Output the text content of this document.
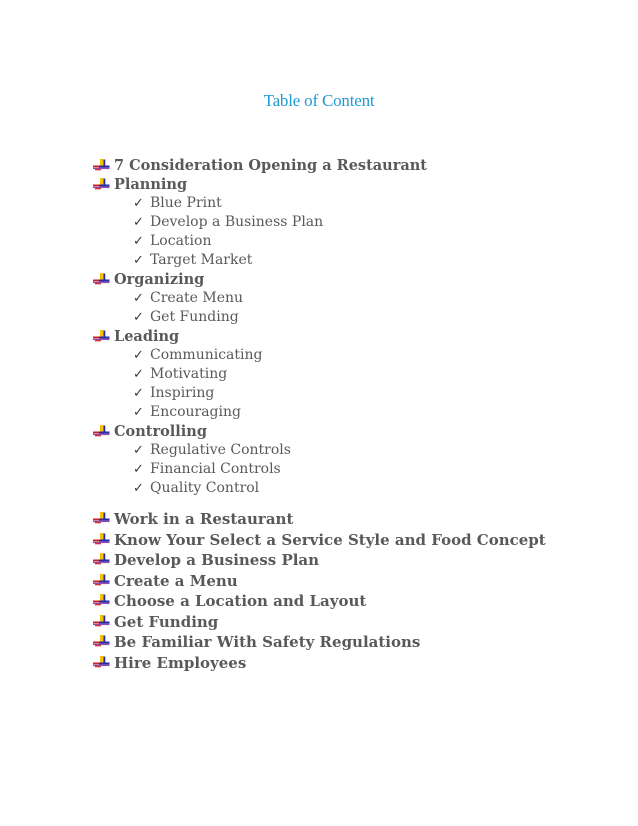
Table of Content
7 Consideration Opening a Restaurant
Planning
✓ Blue Print
✓ Develop a Business Plan
✓ Location
✓ Target Market
Organizing
✓ Create Menu
✓ Get Funding
Leading
✓ Communicating
✓ Motivating
✓ Inspiring
✓ Encouraging
Controlling
✓ Regulative Controls
✓ Financial Controls
✓ Quality Control
Work in a Restaurant
Know Your Select a Service Style and Food Concept
Develop a Business Plan
Create a Menu
Choose a Location and Layout
Get Funding
Be Familiar With Safety Regulations
Hire Employees
